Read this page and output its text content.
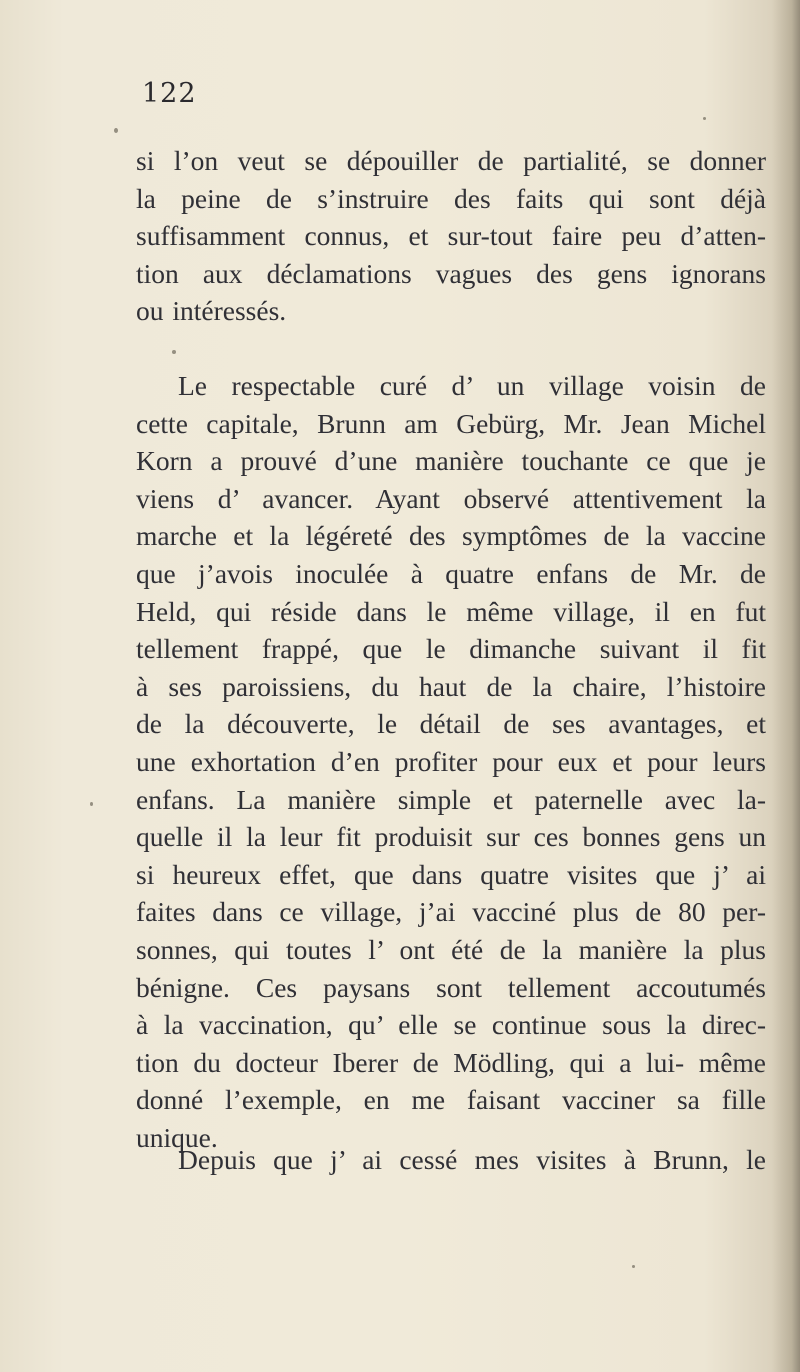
122
si l’on veut se dépouiller de partialité, se donner
la peine de s’instruire des faits qui sont déjà
suffisamment connus, et sur-tout faire peu d’atten-
tion aux déclamations vagues des gens ignorans
ou intéressés.
Le respectable curé d’ un village voisin de
cette capitale, Brunn am Gebürg, Mr. Jean Michel
Korn a prouvé d’une manière touchante ce que je
viens d’ avancer. Ayant observé attentivement la
marche et la légéreté des symptômes de la vaccine
que j’avois inoculée à quatre enfans de Mr. de
Held, qui réside dans le même village, il en fut
tellement frappé, que le dimanche suivant il fit
à ses paroissiens, du haut de la chaire, l’histoire
de la découverte, le détail de ses avantages, et
une exhortation d’en profiter pour eux et pour leurs
enfans. La manière simple et paternelle avec la-
quelle il la leur fit produisit sur ces bonnes gens un
si heureux effet, que dans quatre visites que j’ ai
faites dans ce village, j’ai vacciné plus de 80 per-
sonnes, qui toutes l’ ont été de la manière la plus
bénigne. Ces paysans sont tellement accoutumés
à la vaccination, qu’ elle se continue sous la direc-
tion du docteur Iberer de Mödling, qui a lui- même
donné l’exemple, en me faisant vacciner sa fille
unique.
Depuis que j’ ai cessé mes visites à Brunn, le
